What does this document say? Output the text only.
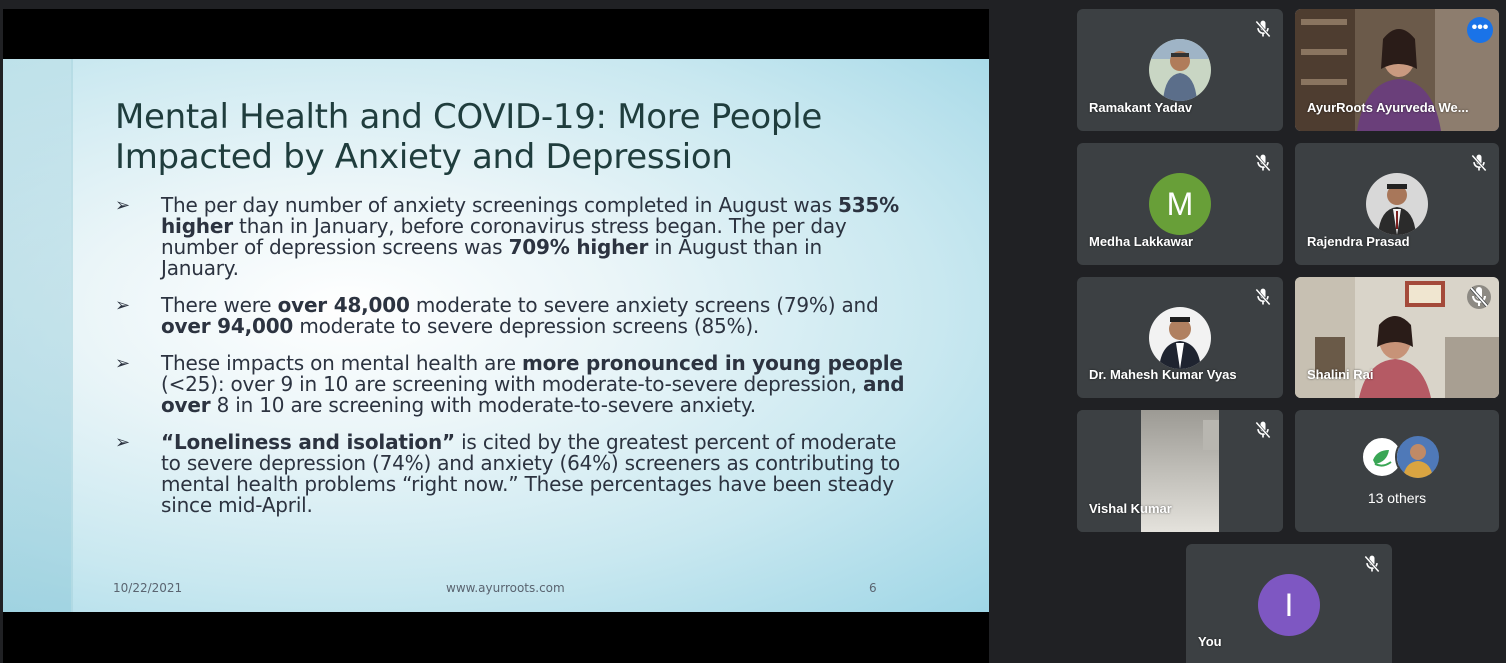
Mental Health and COVID-19: More People Impacted by Anxiety and Depression
➢ The per day number of anxiety screenings completed in August was 535% higher than in January, before coronavirus stress began. The per day number of depression screens was 709% higher in August than in January.
➢ There were over 48,000 moderate to severe anxiety screens (79%) and over 94,000 moderate to severe depression screens (85%).
➢ These impacts on mental health are more pronounced in young people (<25): over 9 in 10 are screening with moderate-to-severe depression, and over 8 in 10 are screening with moderate-to-severe anxiety.
➢ “Loneliness and isolation” is cited by the greatest percent of moderate to severe depression (74%) and anxiety (64%) screeners as contributing to mental health problems “right now.” These percentages have been steady since mid-April.
10/22/2021	www.ayurroots.com	6
Ramakant Yadav
•••
AyurRoots Ayurveda We...
M
Medha Lakkawar	Rajendra Prasad
Dr. Mahesh Kumar Vyas	Shalini Rai
Vishal Kumar
13 others
I
You
